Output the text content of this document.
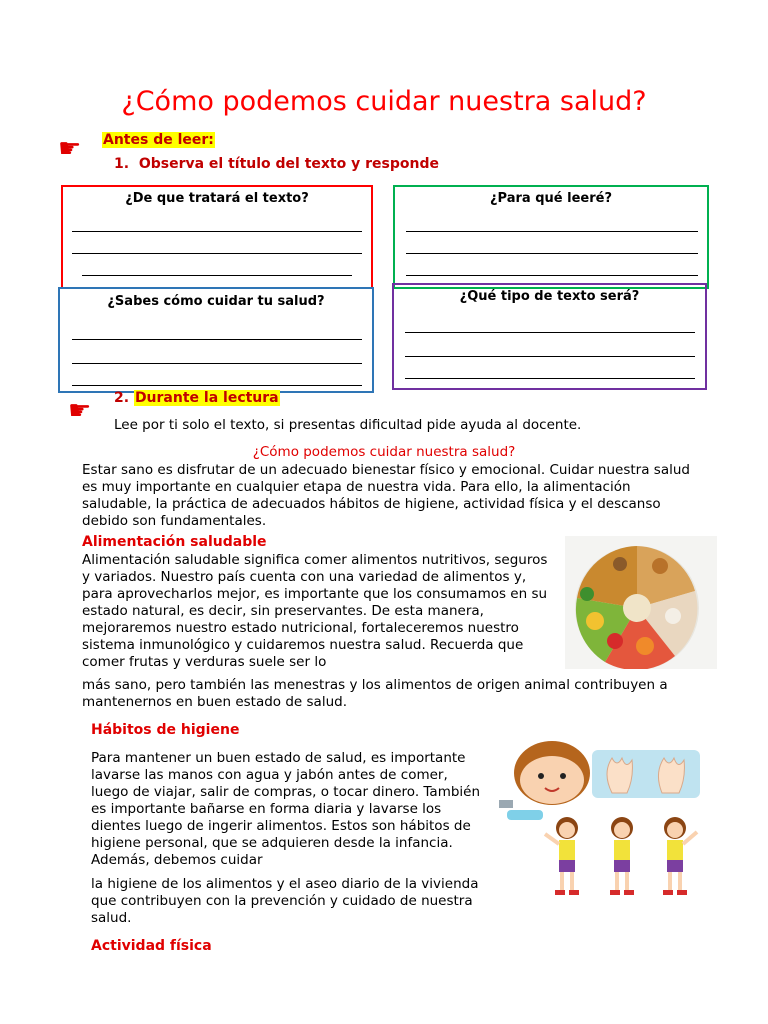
¿Cómo podemos cuidar nuestra salud?
☛ Antes de leer:
1. Observa el título del texto y responde
¿De que tratará el texto?	¿Para qué leeré?
¿Sabes cómo cuidar tu salud?	¿Qué tipo de texto será?
☛ 2. Durante la lectura
Lee por ti solo el texto, si presentas dificultad pide ayuda al docente.
¿Cómo podemos cuidar nuestra salud?
Estar sano es disfrutar de un adecuado bienestar físico y emocional. Cuidar nuestra salud es muy importante en cualquier etapa de nuestra vida. Para ello, la alimentación saludable, la práctica de adecuados hábitos de higiene, actividad física y el descanso debido son fundamentales.
Alimentación saludable
Alimentación saludable significa comer alimentos nutritivos, seguros y variados. Nuestro país cuenta con una variedad de alimentos y, para aprovecharlos mejor, es importante que los consumamos en su estado natural, es decir, sin preservantes. De esta manera, mejoraremos nuestro estado nutricional, fortaleceremos nuestro sistema inmunológico y cuidaremos nuestra salud. Recuerda que comer frutas y verduras suele ser lo
más sano, pero también las menestras y los alimentos de origen animal contribuyen a mantenernos en buen estado de salud.
Hábitos de higiene
Para mantener un buen estado de salud, es importante lavarse las manos con agua y jabón antes de comer, luego de viajar, salir de compras, o tocar dinero. También es importante bañarse en forma diaria y lavarse los dientes luego de ingerir alimentos. Estos son hábitos de higiene personal, que se adquieren desde la infancia. Además, debemos cuidar
la higiene de los alimentos y el aseo diario de la vivienda que contribuyen con la prevención y cuidado de nuestra salud.
Actividad física
